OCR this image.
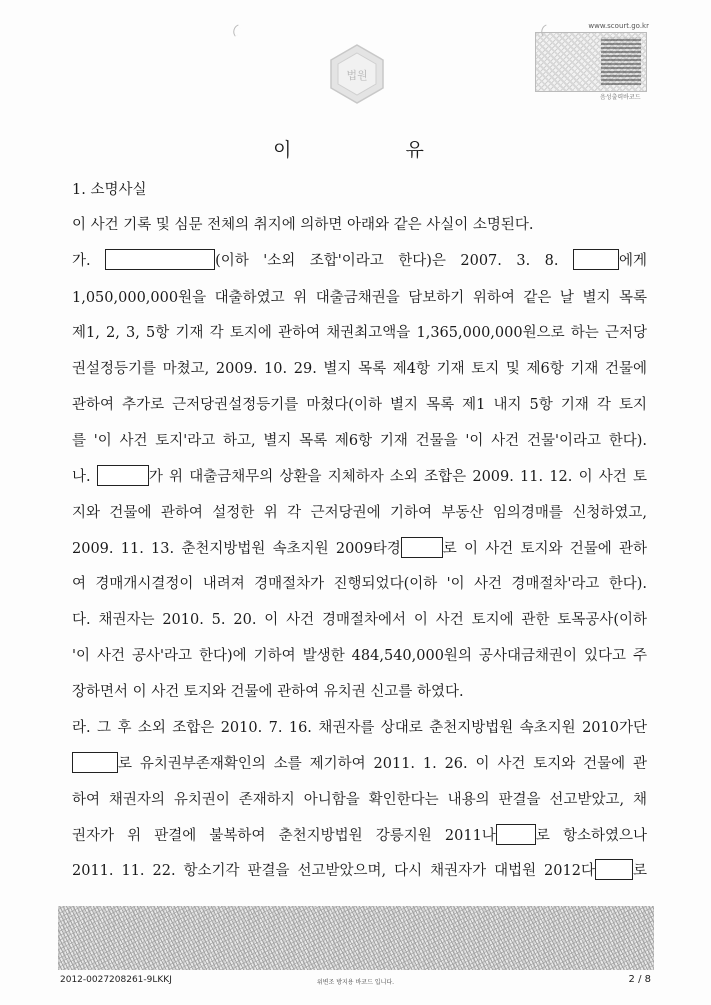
법원
www.scourt.go.kr
음성출력바코드
이 유
1. 소명사실
이 사건 기록 및 심문 전체의 취지에 의하면 아래와 같은 사실이 소명된다.
가.	(이하 '소외 조합'이라고 한다)은 2007. 3. 8.	에게
1,050,000,000원을 대출하였고 위 대출금채권을 담보하기 위하여 같은 날 별지 목록
제1, 2, 3, 5항 기재 각 토지에 관하여 채권최고액을 1,365,000,000원으로 하는 근저당
권설정등기를 마쳤고, 2009. 10. 29. 별지 목록 제4항 기재 토지 및 제6항 기재 건물에
관하여 추가로 근저당권설정등기를 마쳤다(이하 별지 목록 제1 내지 5항 기재 각 토지
를 '이 사건 토지'라고 하고, 별지 목록 제6항 기재 건물을 '이 사건 건물'이라고 한다).
나.	가 위 대출금채무의 상환을 지체하자 소외 조합은 2009. 11. 12. 이 사건 토
지와 건물에 관하여 설정한 위 각 근저당권에 기하여 부동산 임의경매를 신청하였고,
2009. 11. 13. 춘천지방법원 속초지원 2009타경	로 이 사건 토지와 건물에 관하
여 경매개시결정이 내려져 경매절차가 진행되었다(이하 '이 사건 경매절차'라고 한다).
다. 채권자는 2010. 5. 20. 이 사건 경매절차에서 이 사건 토지에 관한 토목공사(이하
'이 사건 공사'라고 한다)에 기하여 발생한 484,540,000원의 공사대금채권이 있다고 주
장하면서 이 사건 토지와 건물에 관하여 유치권 신고를 하였다.
라. 그 후 소외 조합은 2010. 7. 16. 채권자를 상대로 춘천지방법원 속초지원 2010가단
로 유치권부존재확인의 소를 제기하여 2011. 1. 26. 이 사건 토지와 건물에 관
하여 채권자의 유치권이 존재하지 아니함을 확인한다는 내용의 판결을 선고받았고, 채
권자가 위 판결에 불복하여 춘천지방법원 강릉지원 2011나	로 항소하였으나
2011. 11. 22. 항소기각 판결을 선고받았으며, 다시 채권자가 대법원 2012다	로
2012-0027208261-9LKKJ	위변조 방지용 바코드 입니다.	2 / 8
